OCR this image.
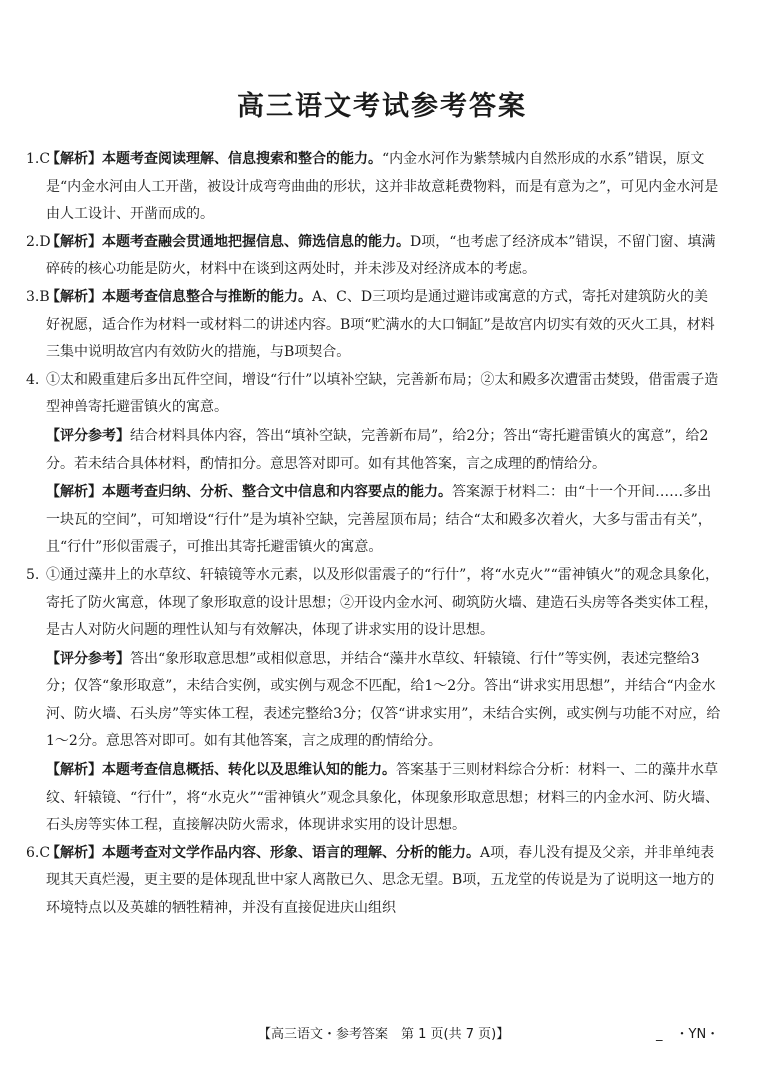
高三语文考试参考答案
1.C
【解析】本题考查阅读理解、信息搜索和整合的能力。“内金水河作为紫禁城内自然形成的水系”错误，原文是“内金水河由人工开凿，被设计成弯弯曲曲的形状，这并非故意耗费物料，而是有意为之”，可见内金水河是由人工设计、开凿而成的。
2.D
【解析】本题考查融会贯通地把握信息、筛选信息的能力。D项，“也考虑了经济成本”错误，不留门窗、填满碎砖的核心功能是防火，材料中在谈到这两处时，并未涉及对经济成本的考虑。
3.B
【解析】本题考查信息整合与推断的能力。A、C、D三项均是通过避讳或寓意的方式，寄托对建筑防火的美好祝愿，适合作为材料一或材料二的讲述内容。B项“贮满水的大口铜缸”是故宫内切实有效的灭火工具，材料三集中说明故宫内有效防火的措施，与B项契合。
4. ①太和殿重建后多出瓦件空间，增设“行什”以填补空缺，完善新布局；②太和殿多次遭雷击焚毁，借雷震子造型神兽寄托避雷镇火的寓意。
【评分参考】结合材料具体内容，答出“填补空缺，完善新布局”，给2分；答出“寄托避雷镇火的寓意”，给2分。若未结合具体材料，酌情扣分。意思答对即可。如有其他答案，言之成理的酌情给分。
【解析】本题考查归纳、分析、整合文中信息和内容要点的能力。答案源于材料二：由“十一个开间……多出一块瓦的空间”，可知增设“行什”是为填补空缺，完善屋顶布局；结合“太和殿多次着火，大多与雷击有关”，且“行什”形似雷震子，可推出其寄托避雷镇火的寓意。
5. ①通过藻井上的水草纹、轩辕镜等水元素，以及形似雷震子的“行什”，将“水克火”“雷神镇火”的观念具象化，寄托了防火寓意，体现了象形取意的设计思想；②开设内金水河、砌筑防火墙、建造石头房等各类实体工程，是古人对防火问题的理性认知与有效解决，体现了讲求实用的设计思想。
【评分参考】答出“象形取意思想”或相似意思，并结合“藻井水草纹、轩辕镜、行什”等实例，表述完整给3分；仅答“象形取意”，未结合实例，或实例与观念不匹配，给1～2分。答出“讲求实用思想”，并结合“内金水河、防火墙、石头房”等实体工程，表述完整给3分；仅答“讲求实用”，未结合实例，或实例与功能不对应，给1～2分。意思答对即可。如有其他答案，言之成理的酌情给分。
【解析】本题考查信息概括、转化以及思维认知的能力。答案基于三则材料综合分析：材料一、二的藻井水草纹、轩辕镜、“行什”，将“水克火”“雷神镇火”观念具象化，体现象形取意思想；材料三的内金水河、防火墙、石头房等实体工程，直接解决防火需求，体现讲求实用的设计思想。
6.C
【解析】本题考查对文学作品内容、形象、语言的理解、分析的能力。A项，春儿没有提及父亲，并非单纯表现其天真烂漫，更主要的是体现乱世中家人离散已久、思念无望。B项，五龙堂的传说是为了说明这一地方的环境特点以及英雄的牺牲精神，并没有直接促进庆山组织
【高三语文・参考答案　第 1 页(共 7 页)】	_　・YN・
